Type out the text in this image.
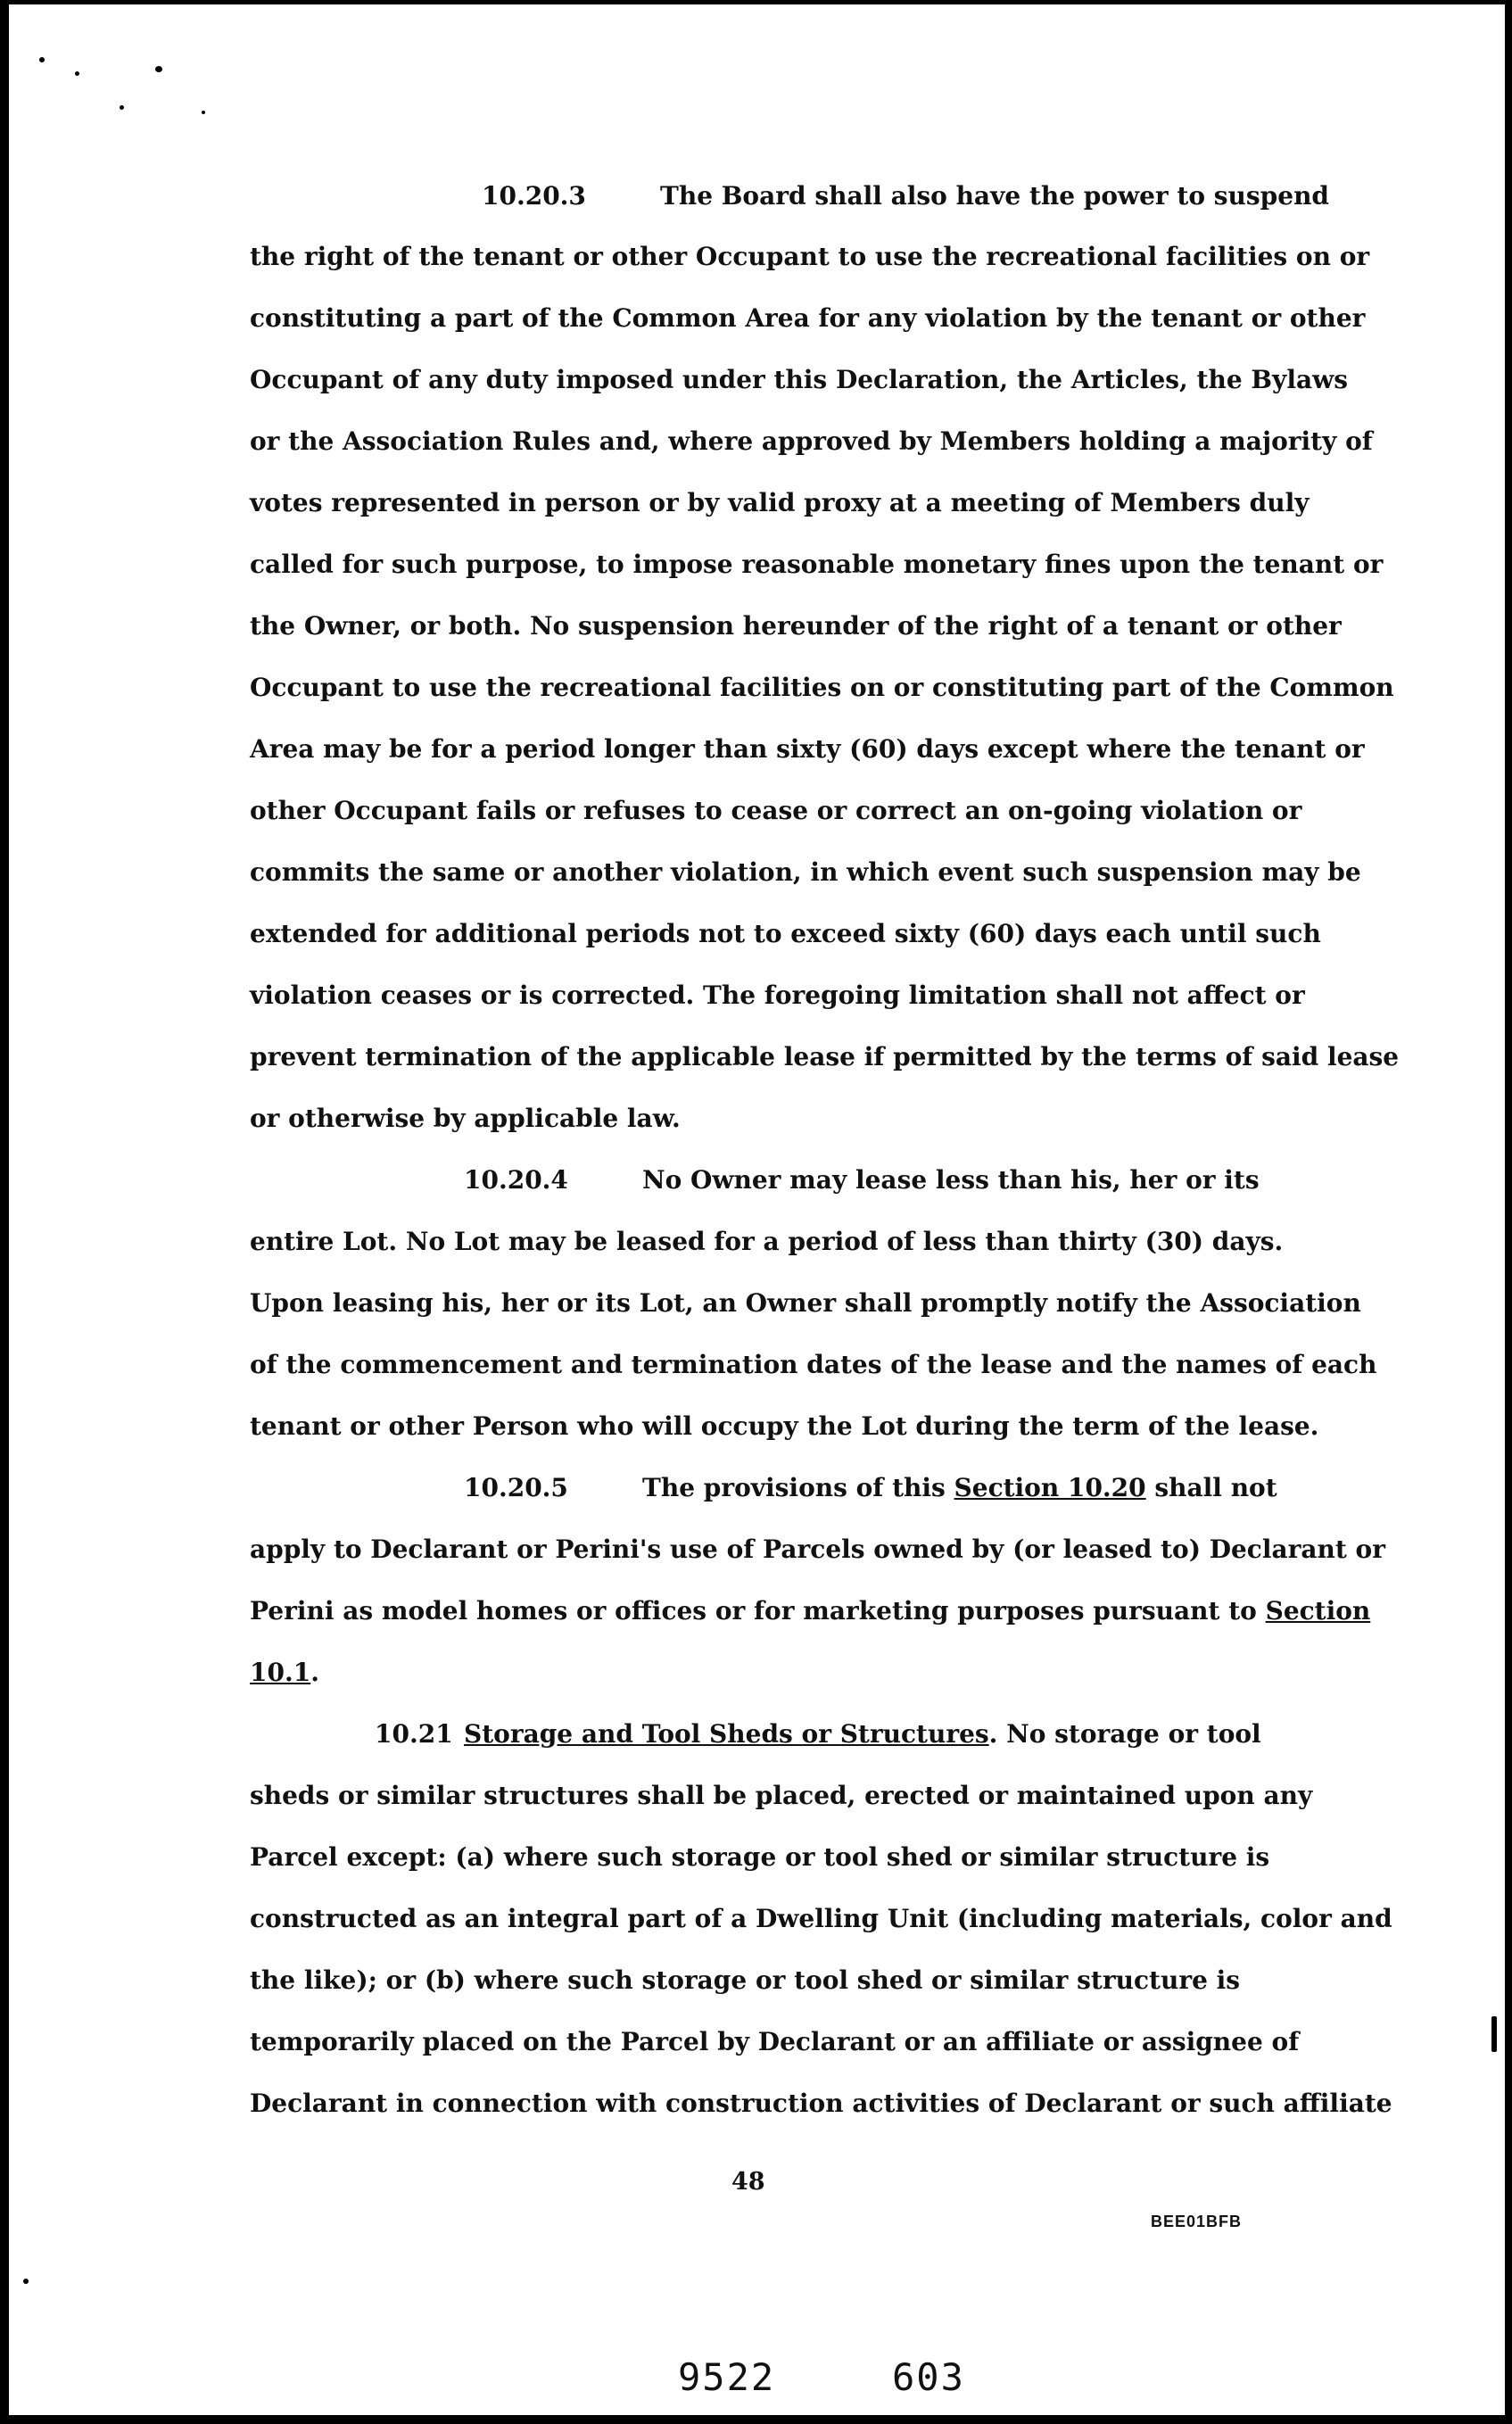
10.20.3	The Board shall also have the power to suspend
the right of the tenant or other Occupant to use the recreational facilities on or
constituting a part of the Common Area for any violation by the tenant or other
Occupant of any duty imposed under this Declaration, the Articles, the Bylaws
or the Association Rules and, where approved by Members holding a majority of
votes represented in person or by valid proxy at a meeting of Members duly
called for such purpose, to impose reasonable monetary fines upon the tenant or
the Owner, or both. No suspension hereunder of the right of a tenant or other
Occupant to use the recreational facilities on or constituting part of the Common
Area may be for a period longer than sixty (60) days except where the tenant or
other Occupant fails or refuses to cease or correct an on-going violation or
commits the same or another violation, in which event such suspension may be
extended for additional periods not to exceed sixty (60) days each until such
violation ceases or is corrected. The foregoing limitation shall not affect or
prevent termination of the applicable lease if permitted by the terms of said lease
or otherwise by applicable law.
10.20.4	No Owner may lease less than his, her or its
entire Lot. No Lot may be leased for a period of less than thirty (30) days.
Upon leasing his, her or its Lot, an Owner shall promptly notify the Association
of the commencement and termination dates of the lease and the names of each
tenant or other Person who will occupy the Lot during the term of the lease.
10.20.5	The provisions of this Section 10.20 shall not
apply to Declarant or Perini's use of Parcels owned by (or leased to) Declarant or
Perini as model homes or offices or for marketing purposes pursuant to Section
10.1.
10.21 Storage and Tool Sheds or Structures. No storage or tool
sheds or similar structures shall be placed, erected or maintained upon any
Parcel except: (a) where such storage or tool shed or similar structure is
constructed as an integral part of a Dwelling Unit (including materials, color and
the like); or (b) where such storage or tool shed or similar structure is
temporarily placed on the Parcel by Declarant or an affiliate or assignee of
Declarant in connection with construction activities of Declarant or such affiliate
48
BEE01BFB
9522	603
